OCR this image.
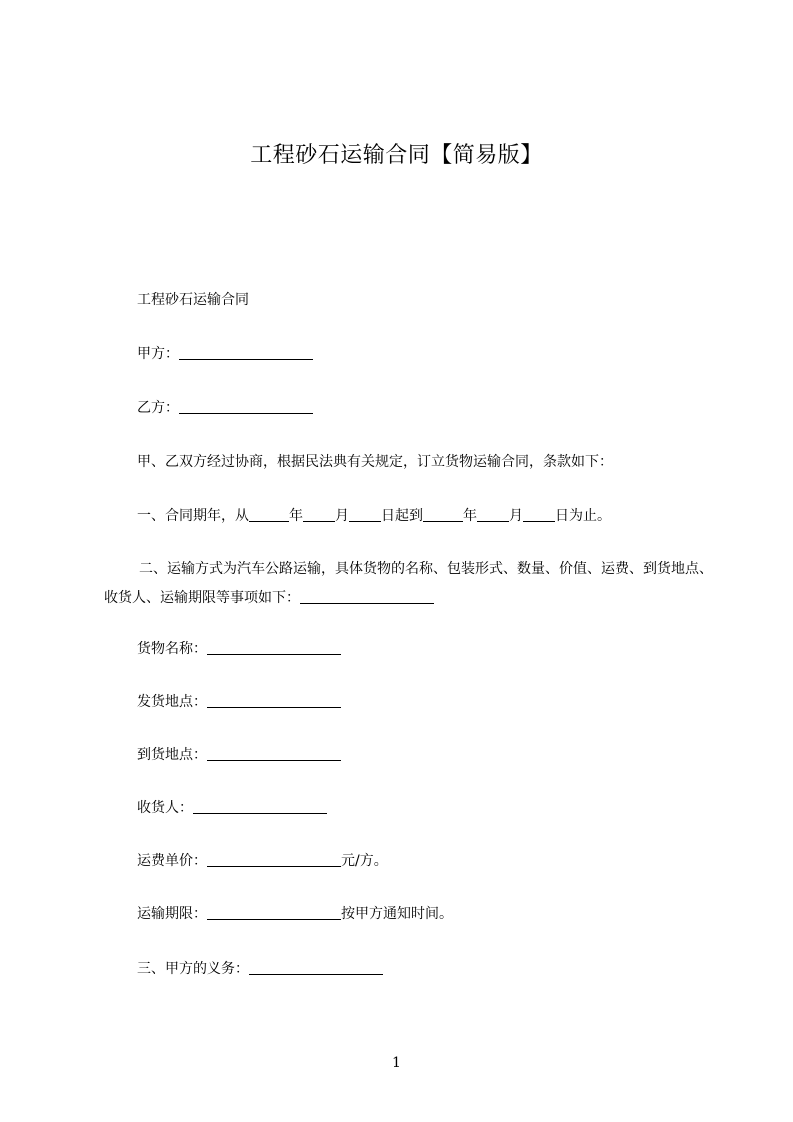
工程砂石运输合同【简易版】
工程砂石运输合同
甲方：
乙方：
甲、乙双方经过协商，根据民法典有关规定，订立货物运输合同，条款如下：
一、合同期年，从	年 月 日起到	年 月 日为止。
二、运输方式为汽车公路运输，具体货物的名称、包装形式、数量、价值、运费、到货地点、收货人、运输期限等事项如下：
货物名称：
发货地点：
到货地点：
收货人：
运费单价：	元/方。
运输期限：	按甲方通知时间。
三、甲方的义务：
1
